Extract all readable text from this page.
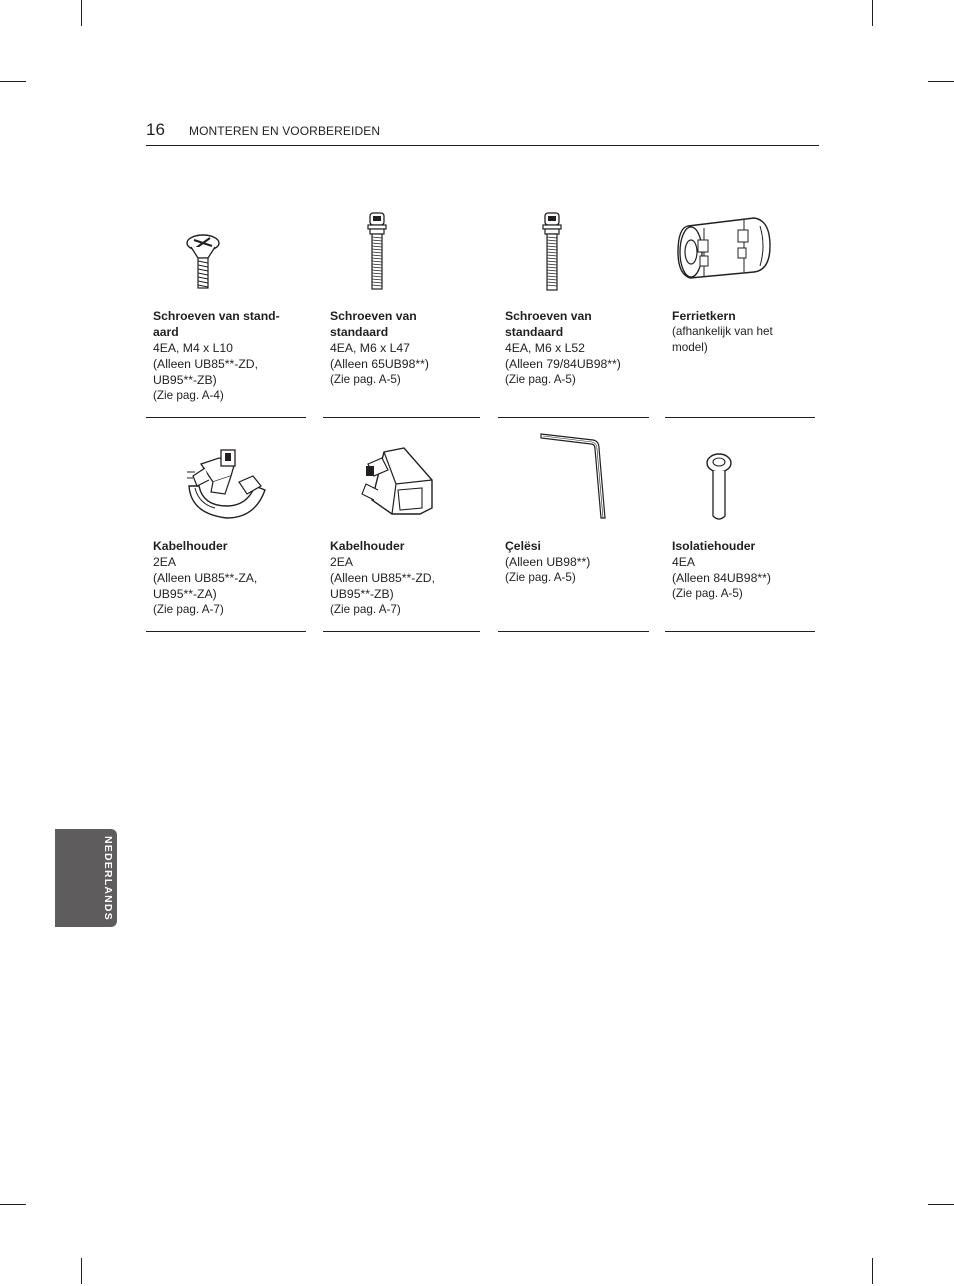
16 MONTEREN EN VOORBEREIDEN
Schroeven van stand-
aard
4EA, M4 x L10
(Alleen UB85**-ZD,
UB95**-ZB)
(Zie pag. A-4)
Schroeven van
standaard
4EA, M6 x L47
(Alleen 65UB98**)
(Zie pag. A-5)
Schroeven van
standaard
4EA, M6 x L52
(Alleen 79/84UB98**)
(Zie pag. A-5)
Ferrietkern
(afhankelijk van het
model)
Kabelhouder
2EA
(Alleen UB85**-ZA,
UB95**-ZA)
(Zie pag. A-7)
Kabelhouder
2EA
(Alleen UB85**-ZD,
UB95**-ZB)
(Zie pag. A-7)
Çelësi
(Alleen UB98**)
(Zie pag. A-5)
Isolatiehouder
4EA
(Alleen 84UB98**)
(Zie pag. A-5)
NEDERLANDS
